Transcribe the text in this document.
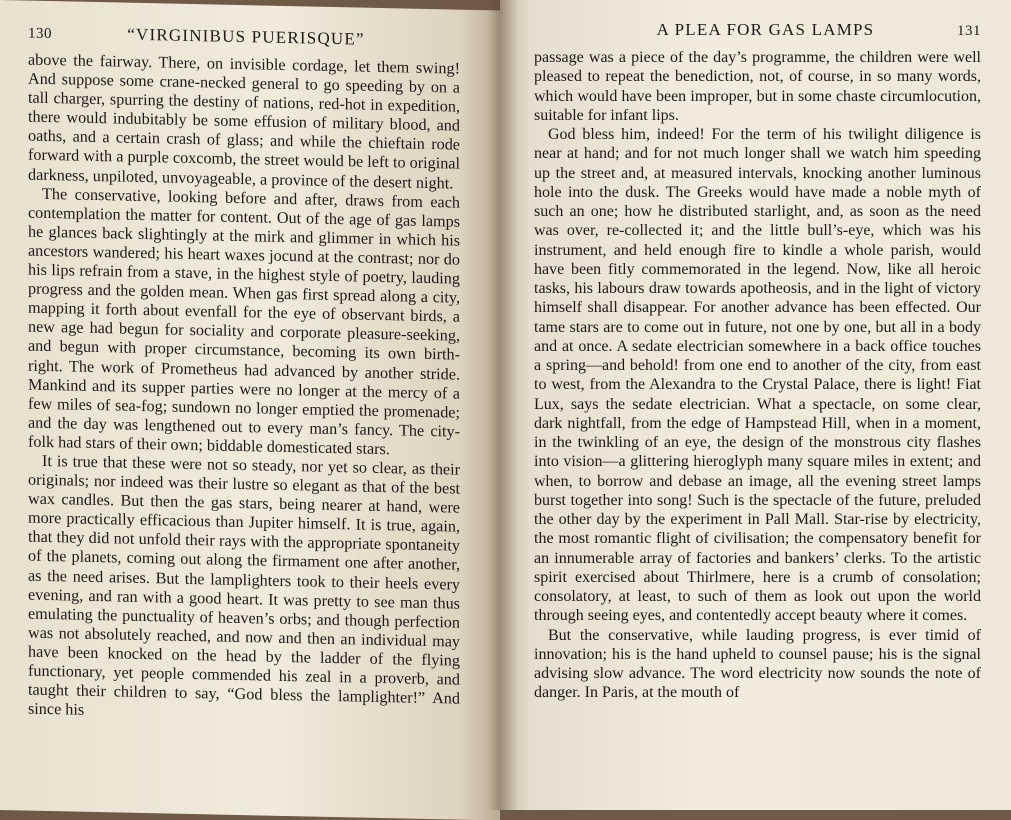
130	“VIRGINIBUS PUERISQUE”

above the fairway. There, on invisible cordage, let them swing! And suppose some crane-necked general to go speeding by on a tall charger, spurring the destiny of nations, red-hot in expedition, there would indubitably be some effusion of military blood, and oaths, and a certain crash of glass; and while the chieftain rode forward with a purple coxcomb, the street would be left to original darkness, unpiloted, unvoyageable, a province of the desert night.

The conservative, looking before and after, draws from each contemplation the matter for content. Out of the age of gas lamps he glances back slightingly at the mirk and glimmer in which his ancestors wandered; his heart waxes jocund at the contrast; nor do his lips refrain from a stave, in the highest style of poetry, lauding progress and the golden mean. When gas first spread along a city, mapping it forth about evenfall for the eye of observant birds, a new age had begun for sociality and corporate pleasure-seeking, and begun with proper circumstance, becoming its own birth-right. The work of Prometheus had advanced by another stride. Mankind and its supper parties were no longer at the mercy of a few miles of sea-fog; sundown no longer emptied the promenade; and the day was lengthened out to every man’s fancy. The city-folk had stars of their own; biddable domesticated stars.

It is true that these were not so steady, nor yet so clear, as their originals; nor indeed was their lustre so elegant as that of the best wax candles. But then the gas stars, being nearer at hand, were more practically efficacious than Jupiter himself. It is true, again, that they did not unfold their rays with the appropriate spontaneity of the planets, coming out along the firmament one after another, as the need arises. But the lamplighters took to their heels every evening, and ran with a good heart. It was pretty to see man thus emulating the punctuality of heaven’s orbs; and though perfection was not absolutely reached, and now and then an individual may have been knocked on the head by the ladder of the flying functionary, yet people commended his zeal in a proverb, and taught their children to say, “God bless the lamplighter!” And since his

A PLEA FOR GAS LAMPS	131

passage was a piece of the day’s programme, the children were well pleased to repeat the benediction, not, of course, in so many words, which would have been improper, but in some chaste circumlocution, suitable for infant lips.

God bless him, indeed! For the term of his twilight diligence is near at hand; and for not much longer shall we watch him speeding up the street and, at measured intervals, knocking another luminous hole into the dusk. The Greeks would have made a noble myth of such an one; how he distributed starlight, and, as soon as the need was over, re-collected it; and the little bull’s-eye, which was his instrument, and held enough fire to kindle a whole parish, would have been fitly commemorated in the legend. Now, like all heroic tasks, his labours draw towards apotheosis, and in the light of victory himself shall disappear. For another advance has been effected. Our tame stars are to come out in future, not one by one, but all in a body and at once. A sedate electrician somewhere in a back office touches a spring—and behold! from one end to another of the city, from east to west, from the Alexandra to the Crystal Palace, there is light! Fiat Lux, says the sedate electrician. What a spectacle, on some clear, dark nightfall, from the edge of Hampstead Hill, when in a moment, in the twinkling of an eye, the design of the monstrous city flashes into vision—a glittering hieroglyph many square miles in extent; and when, to borrow and debase an image, all the evening street lamps burst together into song! Such is the spectacle of the future, preluded the other day by the experiment in Pall Mall. Star-rise by electricity, the most romantic flight of civilisation; the compensatory benefit for an innumerable array of factories and bankers’ clerks. To the artistic spirit exercised about Thirlmere, here is a crumb of consolation; consolatory, at least, to such of them as look out upon the world through seeing eyes, and contentedly accept beauty where it comes.

But the conservative, while lauding progress, is ever timid of innovation; his is the hand upheld to counsel pause; his is the signal advising slow advance. The word electricity now sounds the note of danger. In Paris, at the mouth of
